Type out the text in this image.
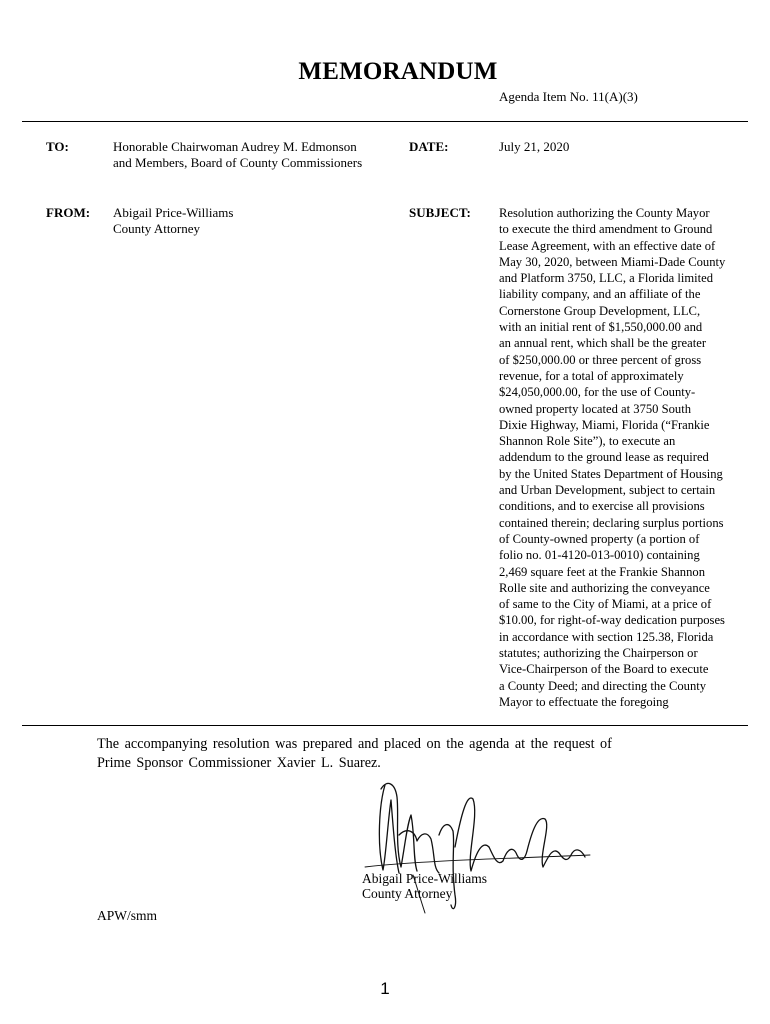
MEMORANDUM
Agenda Item No. 11(A)(3)
TO:	Honorable Chairwoman Audrey M. Edmonson
and Members, Board of County Commissioners
DATE:	July 21, 2020
FROM: Abigail Price-Williams
County Attorney
SUBJECT: Resolution authorizing the County Mayor
to execute the third amendment to Ground
Lease Agreement, with an effective date of
May 30, 2020, between Miami-Dade County
and Platform 3750, LLC, a Florida limited
liability company, and an affiliate of the
Cornerstone Group Development, LLC,
with an initial rent of $1,550,000.00 and
an annual rent, which shall be the greater
of $250,000.00 or three percent of gross
revenue, for a total of approximately
$24,050,000.00, for the use of County-
owned property located at 3750 South
Dixie Highway, Miami, Florida (“Frankie
Shannon Role Site”), to execute an
addendum to the ground lease as required
by the United States Department of Housing
and Urban Development, subject to certain
conditions, and to exercise all provisions
contained therein; declaring surplus portions
of County-owned property (a portion of
folio no. 01-4120-013-0010) containing
2,469 square feet at the Frankie Shannon
Rolle site and authorizing the conveyance
of same to the City of Miami, at a price of
$10.00, for right-of-way dedication purposes
in accordance with section 125.38, Florida
statutes; authorizing the Chairperson or
Vice-Chairperson of the Board to execute
a County Deed; and directing the County
Mayor to effectuate the foregoing
The accompanying resolution was prepared and placed on the agenda at the request of
Prime Sponsor Commissioner Xavier L. Suarez.
Abigail Price-Williams
County Attorney
APW/smm
1
